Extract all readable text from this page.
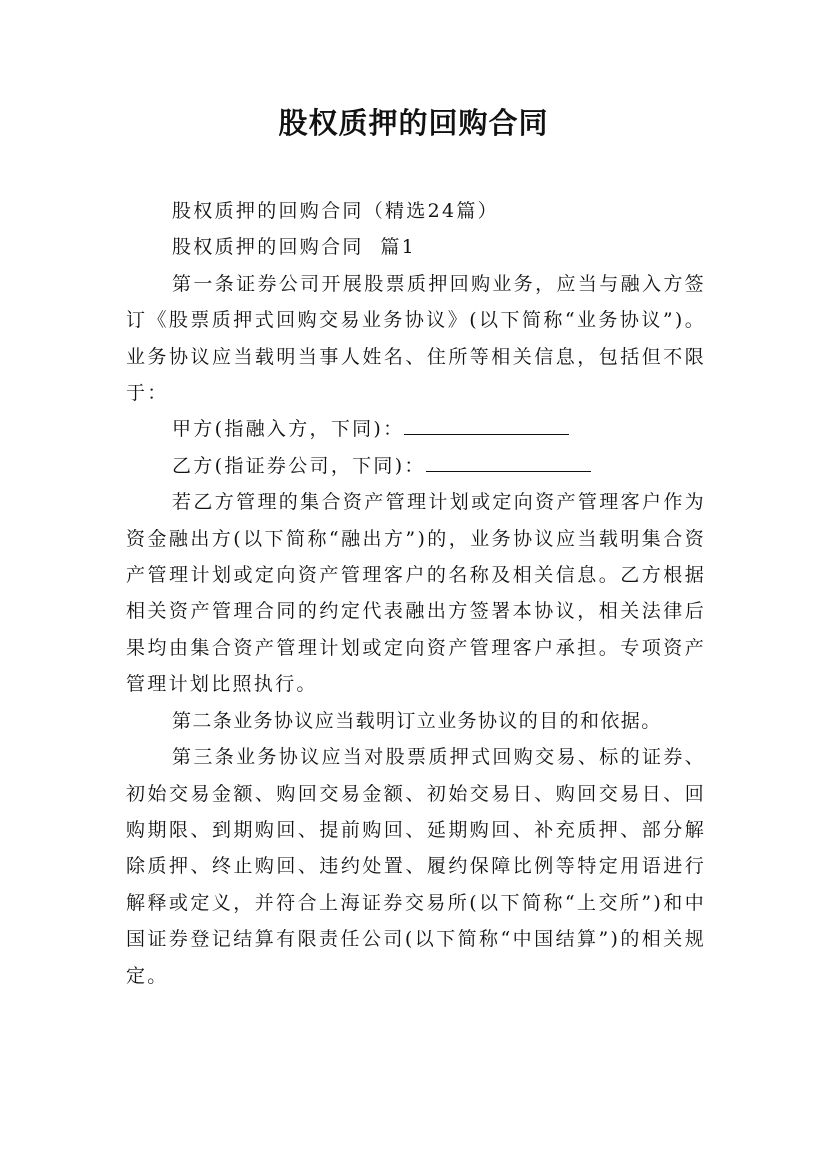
股权质押的回购合同

股权质押的回购合同（精选24篇）

股权质押的回购合同  篇1

第一条证券公司开展股票质押回购业务，应当与融入方签订《股票质押式回购交易业务协议》(以下简称“业务协议”)。业务协议应当载明当事人姓名、住所等相关信息，包括但不限于：

甲方(指融入方，下同)：

乙方(指证券公司，下同)：

若乙方管理的集合资产管理计划或定向资产管理客户作为资金融出方(以下简称“融出方”)的，业务协议应当载明集合资产管理计划或定向资产管理客户的名称及相关信息。乙方根据相关资产管理合同的约定代表融出方签署本协议，相关法律后果均由集合资产管理计划或定向资产管理客户承担。专项资产管理计划比照执行。

第二条业务协议应当载明订立业务协议的目的和依据。

第三条业务协议应当对股票质押式回购交易、标的证券、初始交易金额、购回交易金额、初始交易日、购回交易日、回购期限、到期购回、提前购回、延期购回、补充质押、部分解除质押、终止购回、违约处置、履约保障比例等特定用语进行解释或定义，并符合上海证券交易所(以下简称“上交所”)和中国证券登记结算有限责任公司(以下简称“中国结算”)的相关规定。
